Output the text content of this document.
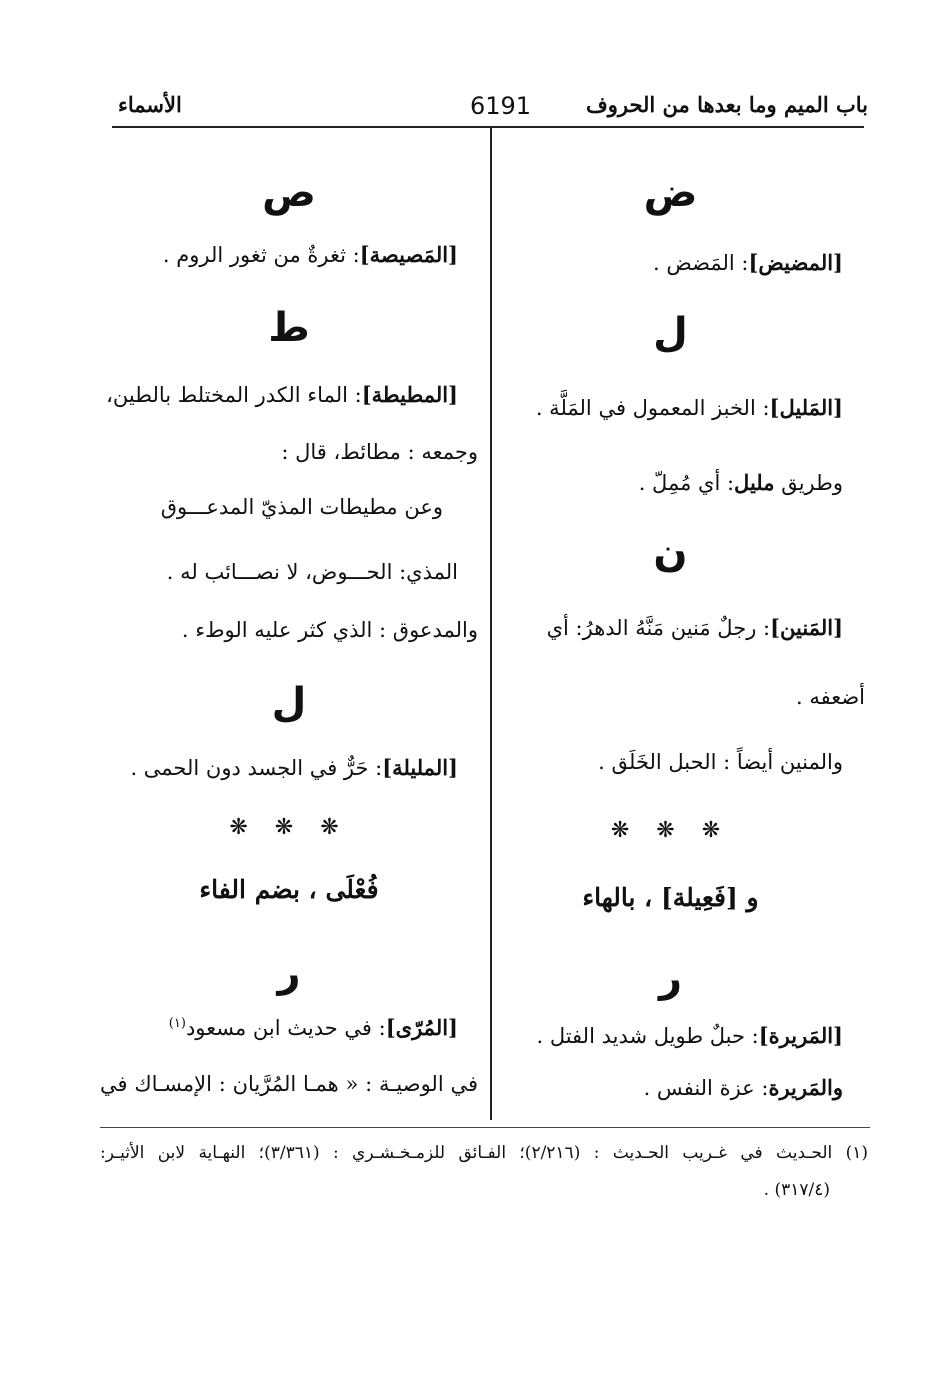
باب الميم وما بعدها من الحروف
6191
الأسماء
ض
[المضيض]: المَضض .
ل
[المَليل]: الخبز المعمول في المَلَّة .
وطريق مليل: أي مُمِلّ .
ن
[المَنين]: رجلٌ مَنين مَنَّهُ الدهرُ: أي
أضعفه .
والمنين أيضاً : الحبل الخَلَق .
❋ ❋ ❋
و [فَعِيلة] ، بالهاء
ر
[المَريرة]: حبلٌ طويل شديد الفتل .
والمَريرة: عزة النفس .
ص
[المَصيصة]: ثغرةٌ من ثغور الروم .
ط
[المطيطة]: الماء الكدر المختلط بالطين،
وجمعه : مطائط، قال :
وعن مطيطات المذيّ المدعـــوق
المذي: الحـــوض، لا نصـــائب له .
والمدعوق : الذي كثر عليه الوطء .
ل
[المليلة]: حَرٌّ في الجسد دون الحمى .
❋ ❋ ❋
فُعْلَى ، بضم الفاء
ر
[المُرّى]: في حديث ابن مسعود$^{(١)}$
في الوصيـة : « همـا المُرَّيان : الإمسـاك في
(١) الحـديث في غـريب الحـديث : (٢/٢١٦)؛ الفـائق للزمـخـشـري : (٣/٣٦١)؛ النهـاية لابن الأثيـر:
(٣١٧/٤) .
